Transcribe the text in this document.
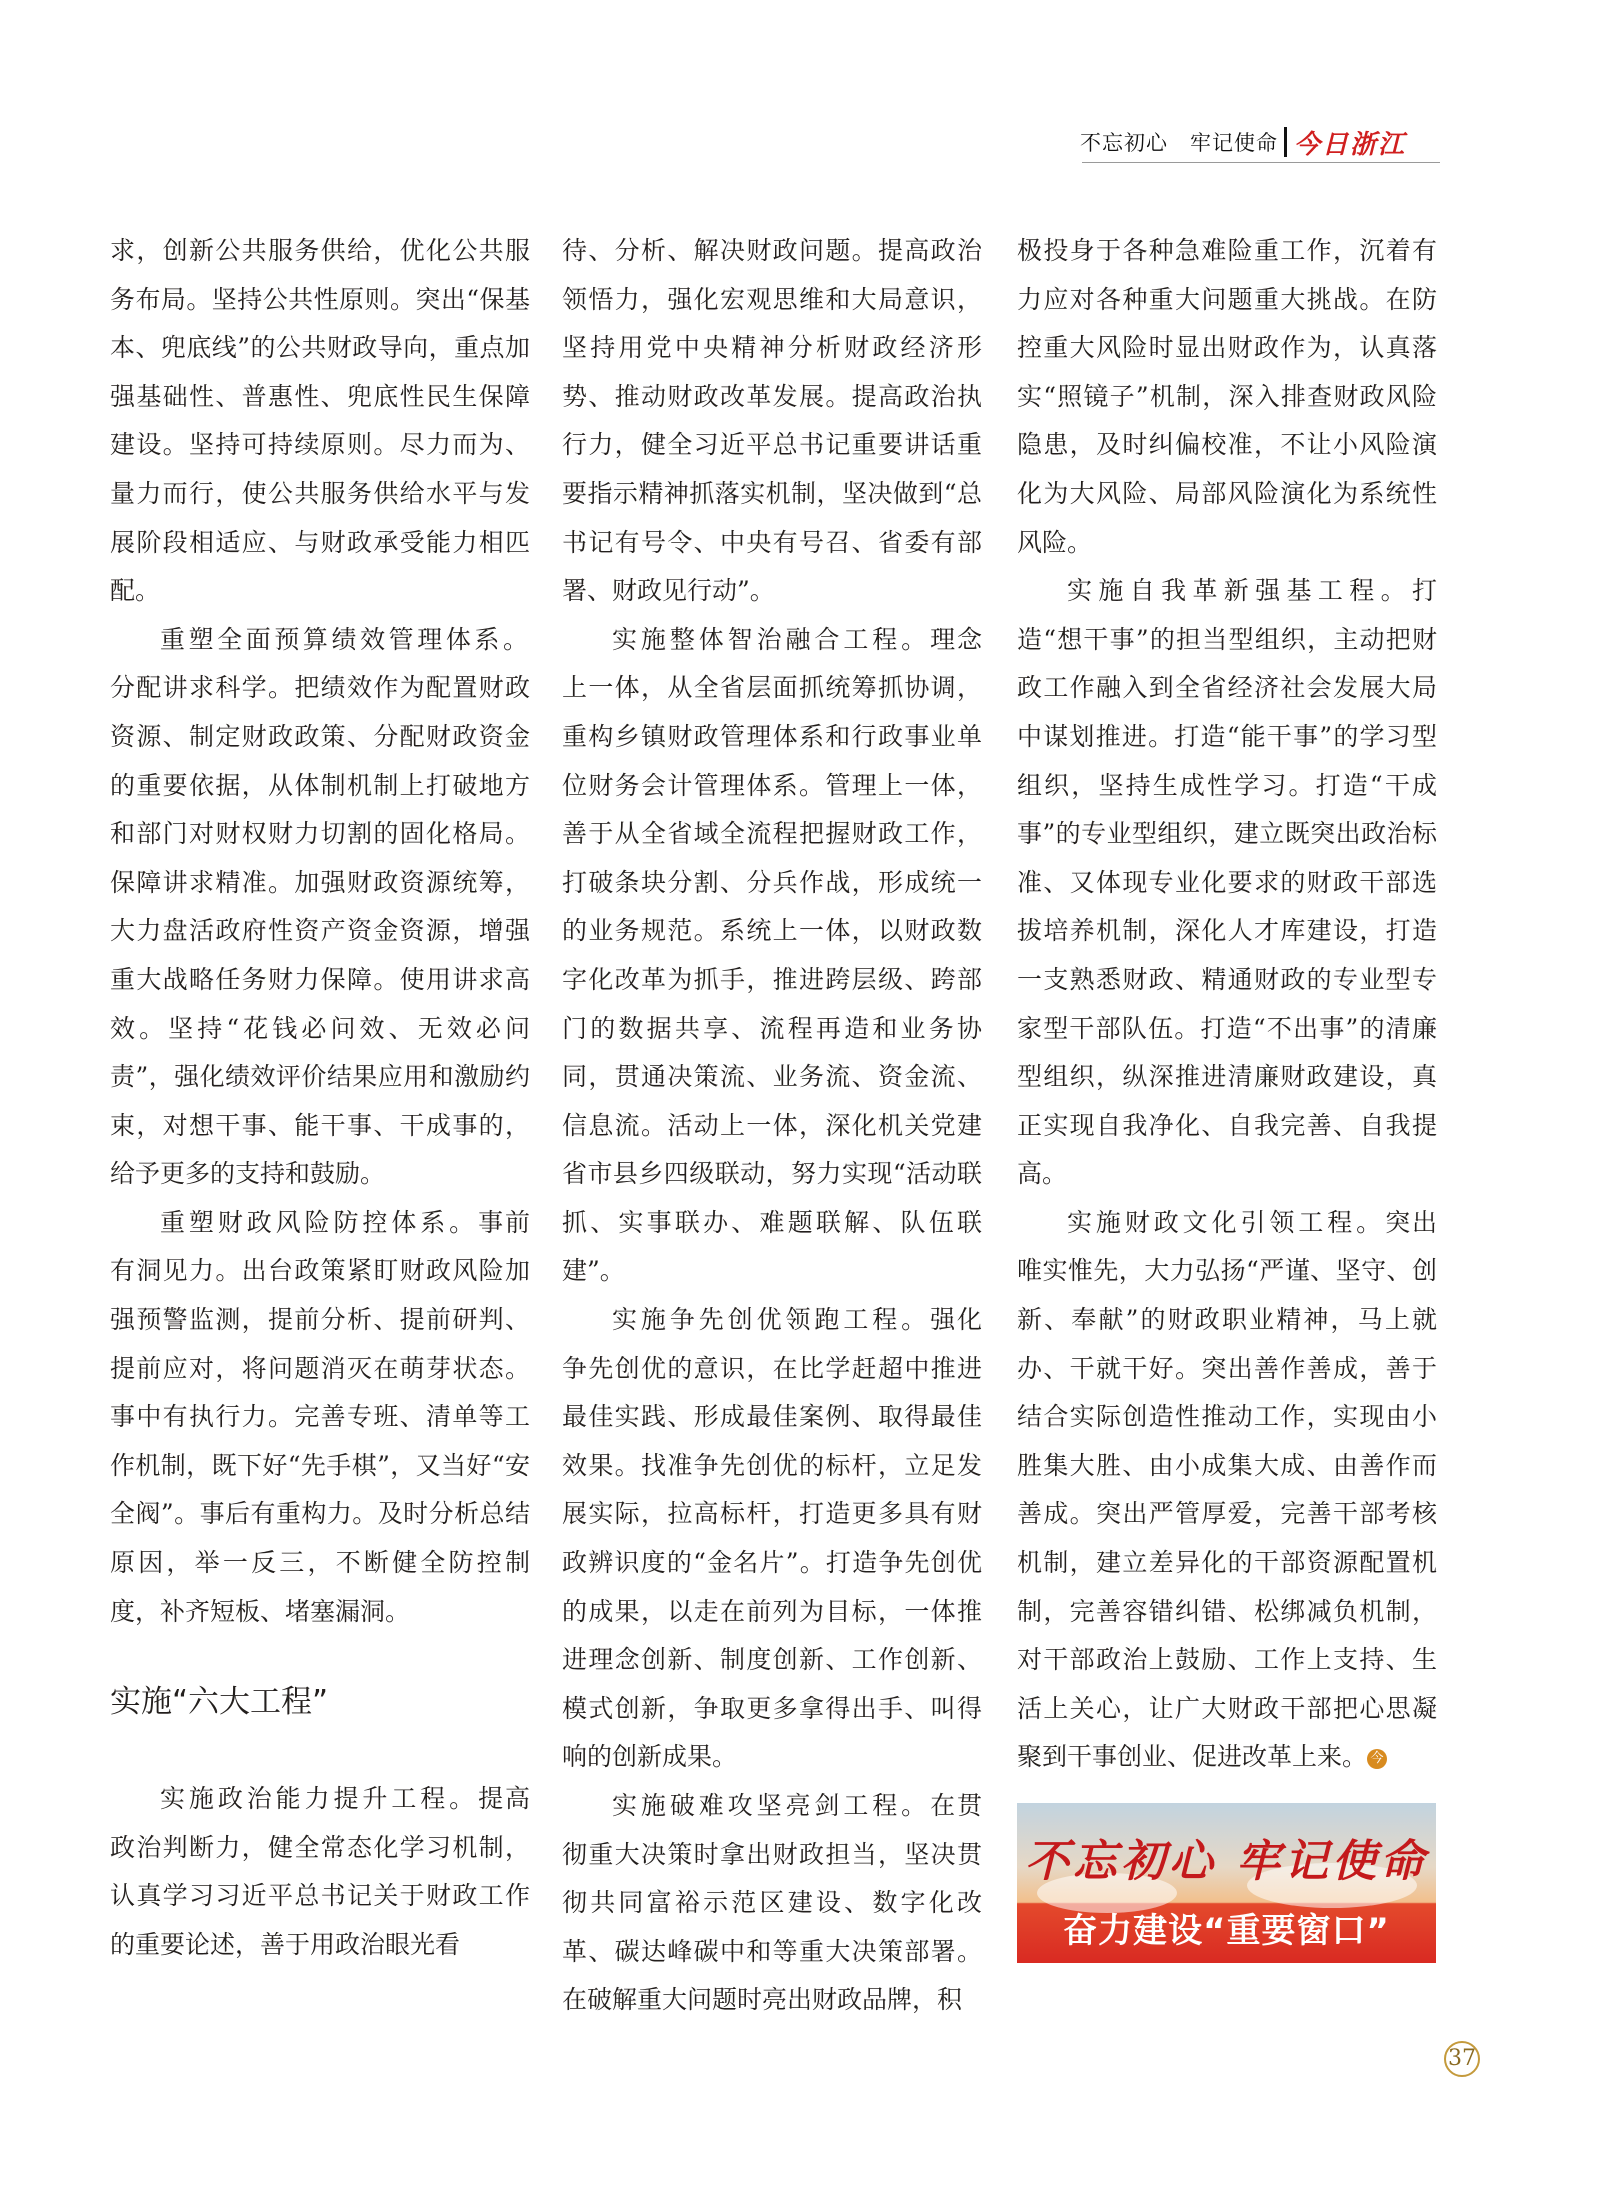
不忘初心　牢记使命 今日浙江

求，创新公共服务供给，优化公共服务布局。坚持公共性原则。突出“保基本、兜底线”的公共财政导向，重点加强基础性、普惠性、兜底性民生保障建设。坚持可持续原则。尽力而为、量力而行，使公共服务供给水平与发展阶段相适应、与财政承受能力相匹配。

重塑全面预算绩效管理体系。分配讲求科学。把绩效作为配置财政资源、制定财政政策、分配财政资金的重要依据，从体制机制上打破地方和部门对财权财力切割的固化格局。保障讲求精准。加强财政资源统筹，大力盘活政府性资产资金资源，增强重大战略任务财力保障。使用讲求高效。坚持“花钱必问效、无效必问责”，强化绩效评价结果应用和激励约束，对想干事、能干事、干成事的，给予更多的支持和鼓励。

重塑财政风险防控体系。事前有洞见力。出台政策紧盯财政风险加强预警监测，提前分析、提前研判、提前应对，将问题消灭在萌芽状态。事中有执行力。完善专班、清单等工作机制，既下好“先手棋”，又当好“安全阀”。事后有重构力。及时分析总结原因，举一反三，不断健全防控制度，补齐短板、堵塞漏洞。

实施“六大工程”

实施政治能力提升工程。提高政治判断力，健全常态化学习机制，认真学习习近平总书记关于财政工作的重要论述，善于用政治眼光看

待、分析、解决财政问题。提高政治领悟力，强化宏观思维和大局意识，坚持用党中央精神分析财政经济形势、推动财政改革发展。提高政治执行力，健全习近平总书记重要讲话重要指示精神抓落实机制，坚决做到“总书记有号令、中央有号召、省委有部署、财政见行动”。

实施整体智治融合工程。理念上一体，从全省层面抓统筹抓协调，重构乡镇财政管理体系和行政事业单位财务会计管理体系。管理上一体，善于从全省域全流程把握财政工作，打破条块分割、分兵作战，形成统一的业务规范。系统上一体，以财政数字化改革为抓手，推进跨层级、跨部门的数据共享、流程再造和业务协同，贯通决策流、业务流、资金流、信息流。活动上一体，深化机关党建省市县乡四级联动，努力实现“活动联抓、实事联办、难题联解、队伍联建”。

实施争先创优领跑工程。强化争先创优的意识，在比学赶超中推进最佳实践、形成最佳案例、取得最佳效果。找准争先创优的标杆，立足发展实际，拉高标杆，打造更多具有财政辨识度的“金名片”。打造争先创优的成果，以走在前列为目标，一体推进理念创新、制度创新、工作创新、模式创新，争取更多拿得出手、叫得响的创新成果。

实施破难攻坚亮剑工程。在贯彻重大决策时拿出财政担当，坚决贯彻共同富裕示范区建设、数字化改革、碳达峰碳中和等重大决策部署。在破解重大问题时亮出财政品牌，积

极投身于各种急难险重工作，沉着有力应对各种重大问题重大挑战。在防控重大风险时显出财政作为，认真落实“照镜子”机制，深入排查财政风险隐患，及时纠偏校准，不让小风险演化为大风险、局部风险演化为系统性风险。

实施自我革新强基工程。打造“想干事”的担当型组织，主动把财政工作融入到全省经济社会发展大局中谋划推进。打造“能干事”的学习型组织，坚持生成性学习。打造“干成事”的专业型组织，建立既突出政治标准、又体现专业化要求的财政干部选拔培养机制，深化人才库建设，打造一支熟悉财政、精通财政的专业型专家型干部队伍。打造“不出事”的清廉型组织，纵深推进清廉财政建设，真正实现自我净化、自我完善、自我提高。

实施财政文化引领工程。突出唯实惟先，大力弘扬“严谨、坚守、创新、奉献”的财政职业精神，马上就办、干就干好。突出善作善成，善于结合实际创造性推动工作，实现由小胜集大胜、由小成集大成、由善作而善成。突出严管厚爱，完善干部考核机制，建立差异化的干部资源配置机制，完善容错纠错、松绑减负机制，对干部政治上鼓励、工作上支持、生活上关心，让广大财政干部把心思凝聚到干事创业、促进改革上来。 今

不忘初心 牢记使命
奋力建设“重要窗口”
37
